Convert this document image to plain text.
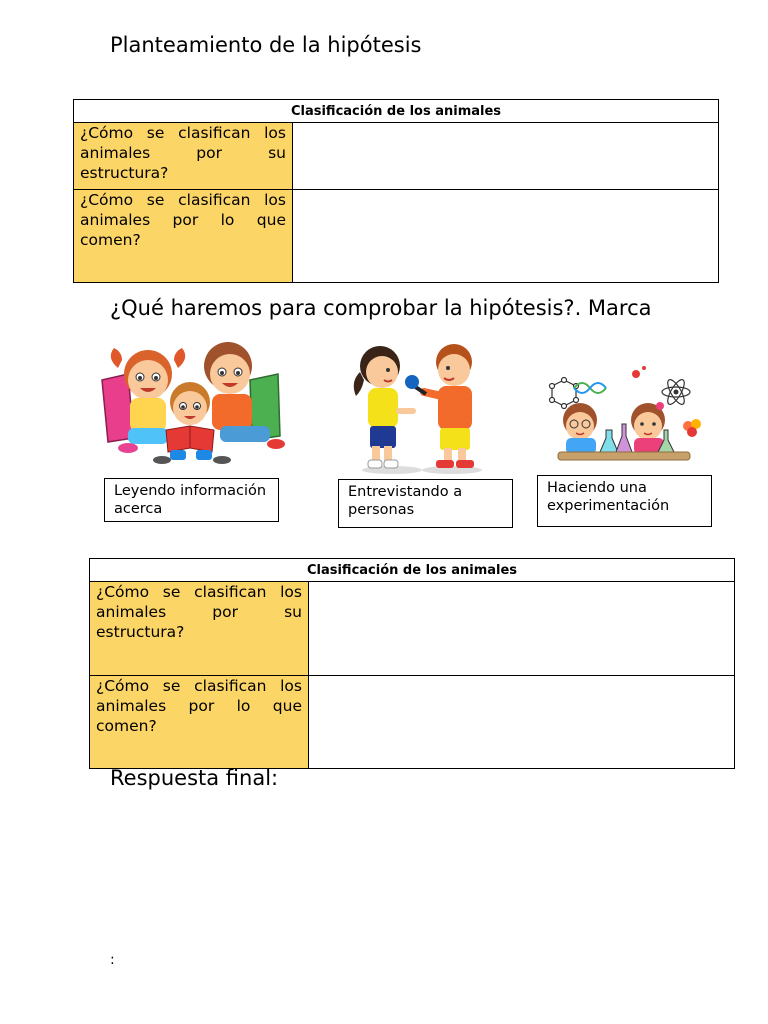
Planteamiento de la hipótesis
Clasificación de los animales	
¿Cómo se clasifican los animales por su estructura?	
¿Cómo se clasifican los animales por lo que comen?	
¿Qué haremos para comprobar la hipótesis?. Marca
Leyendo información acerca
Entrevistando a personas
Haciendo una experimentación
Clasificación de los animales	
¿Cómo se clasifican los animales por su estructura?	
¿Cómo se clasifican los animales por lo que comen?	
Respuesta final:
:
